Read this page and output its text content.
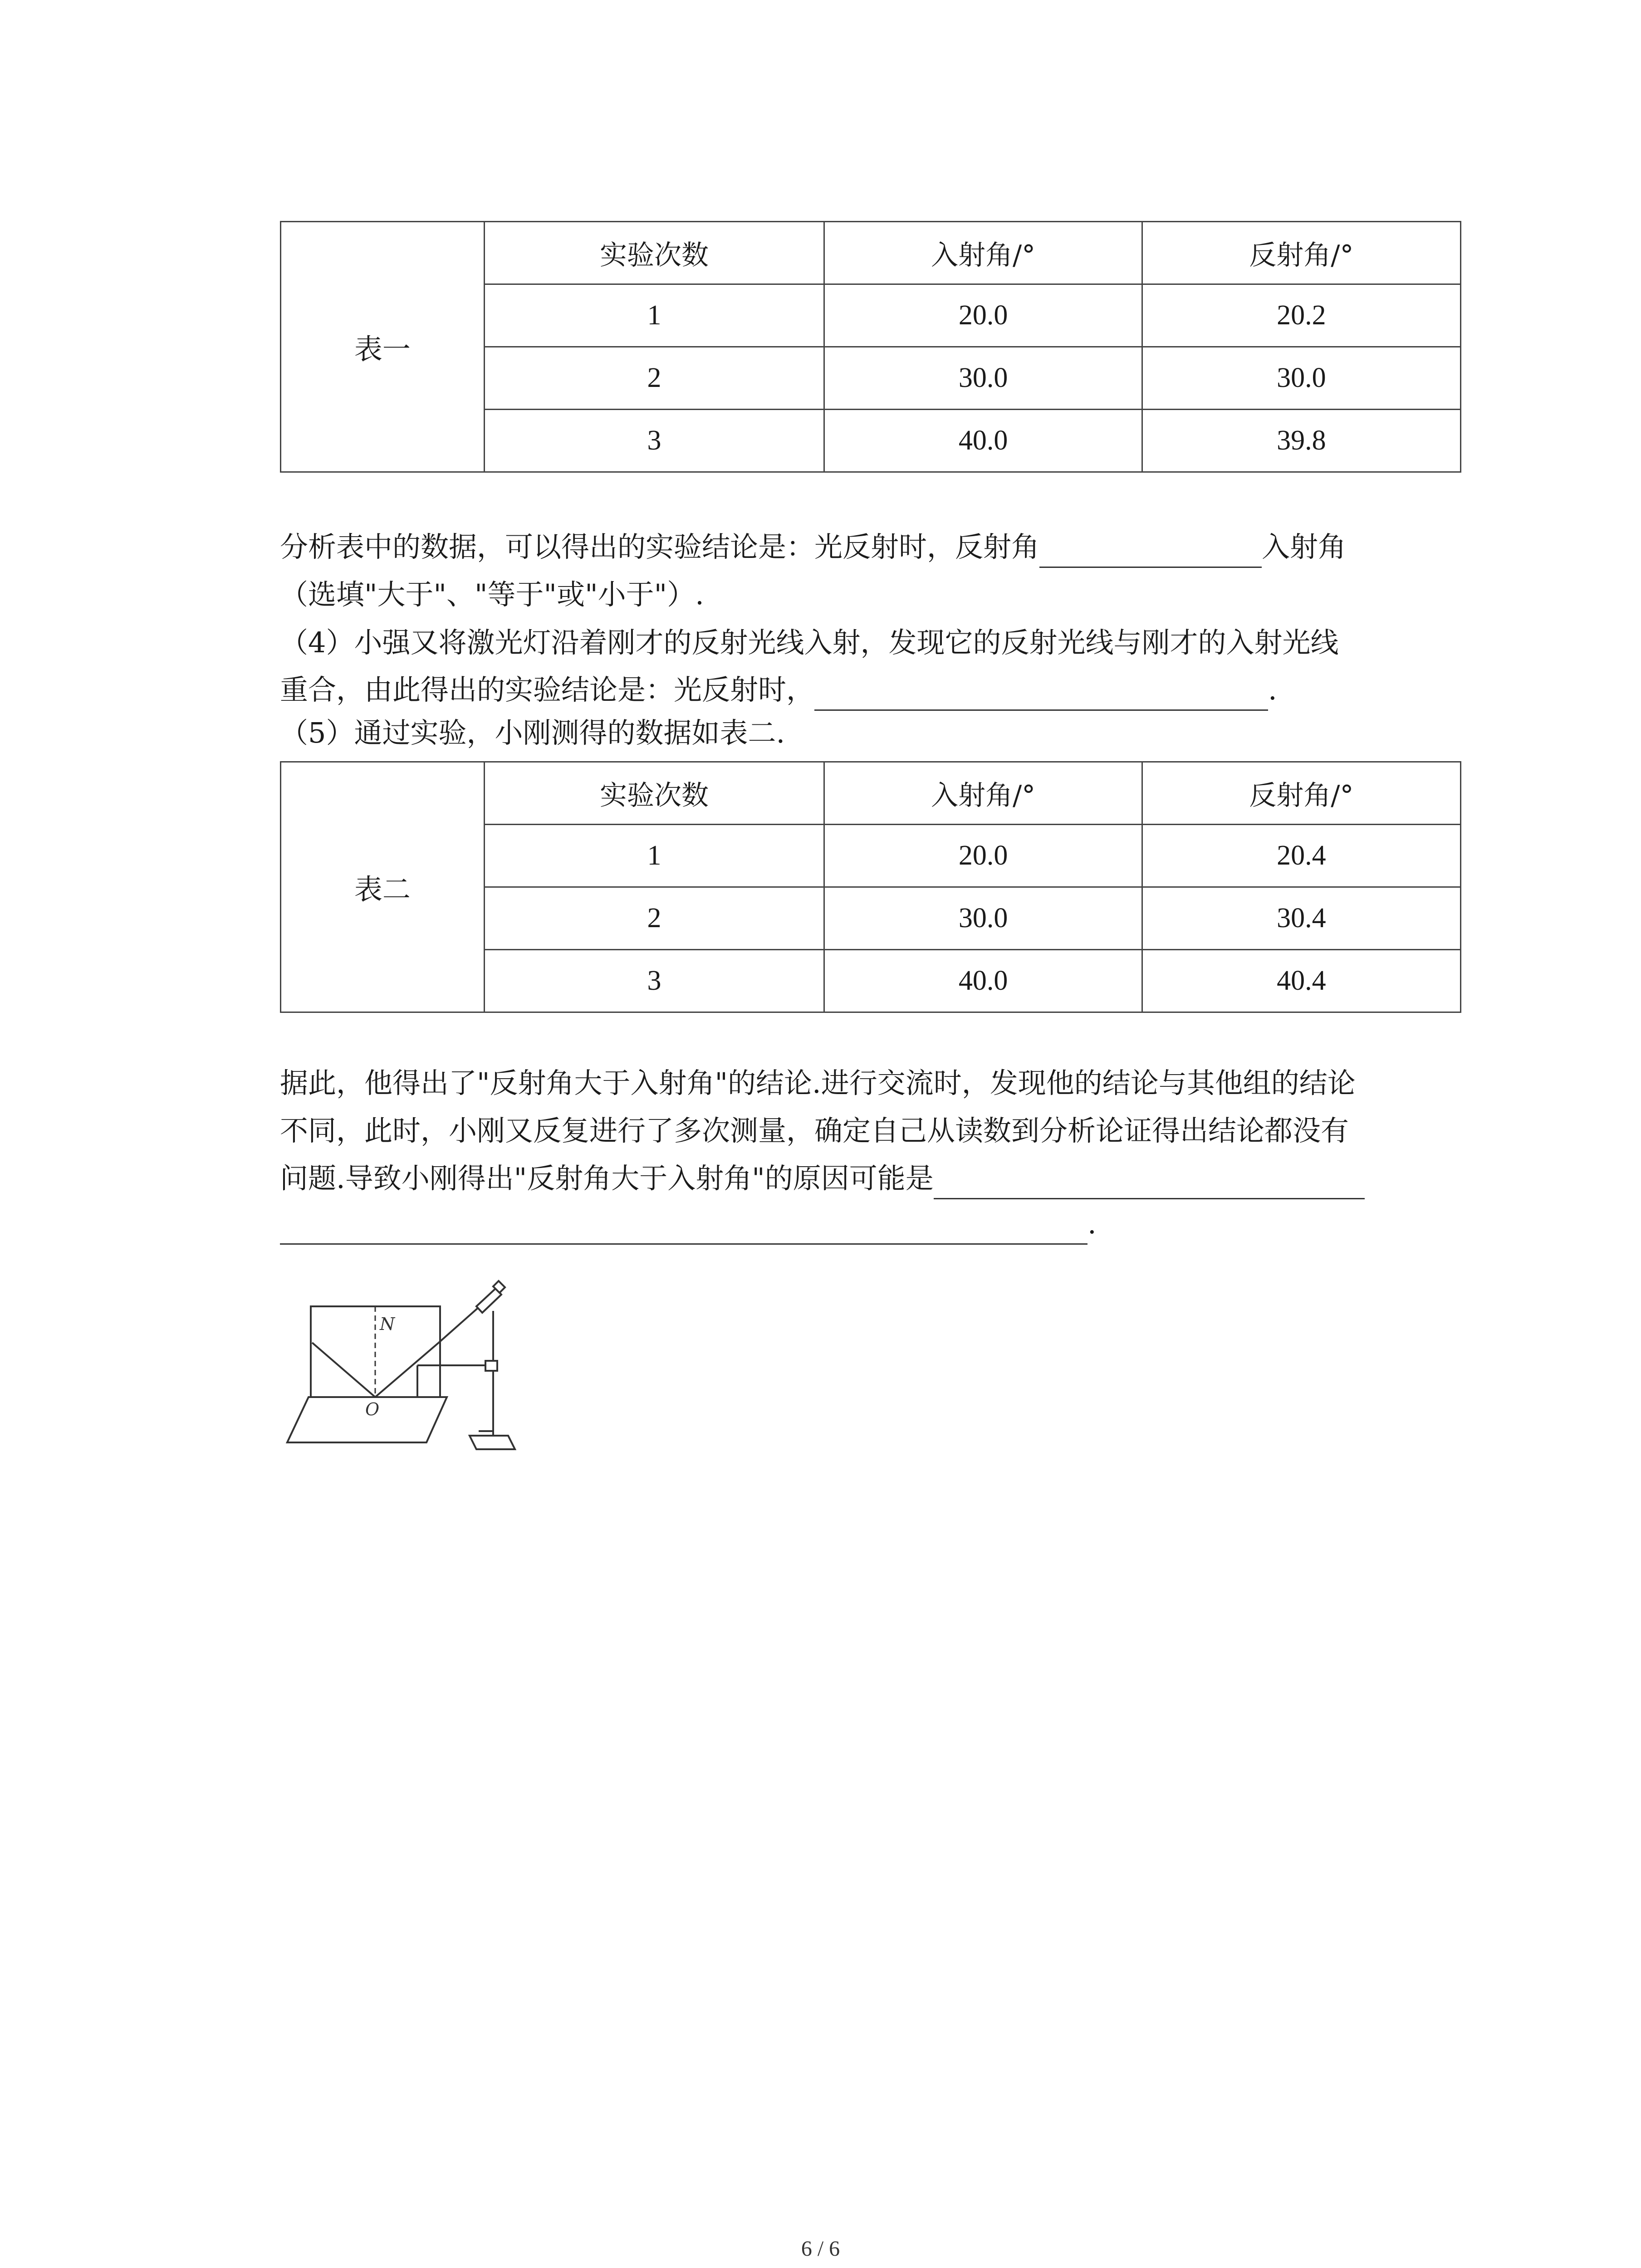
表一	实验次数	入射角/°	反射角/°
	1	20.0	20.2
	2	30.0	30.0
	3	40.0	39.8
分析表中的数据，可以得出的实验结论是：光反射时，反射角	入射角
（选填"大于"、"等于"或"小于"）.
（4）小强又将激光灯沿着刚才的反射光线入射，发现它的反射光线与刚才的入射光线
重合，由此得出的实验结论是：光反射时，	.
（5）通过实验，小刚测得的数据如表二.
表二	实验次数	入射角/°	反射角/°
	1	20.0	20.4
	2	30.0	30.4
	3	40.0	40.4
据此，他得出了"反射角大于入射角"的结论.进行交流时，发现他的结论与其他组的结论
不同，此时，小刚又反复进行了多次测量，确定自己从读数到分析论证得出结论都没有
问题.导致小刚得出"反射角大于入射角"的原因可能是
.
N
O
6 / 6
